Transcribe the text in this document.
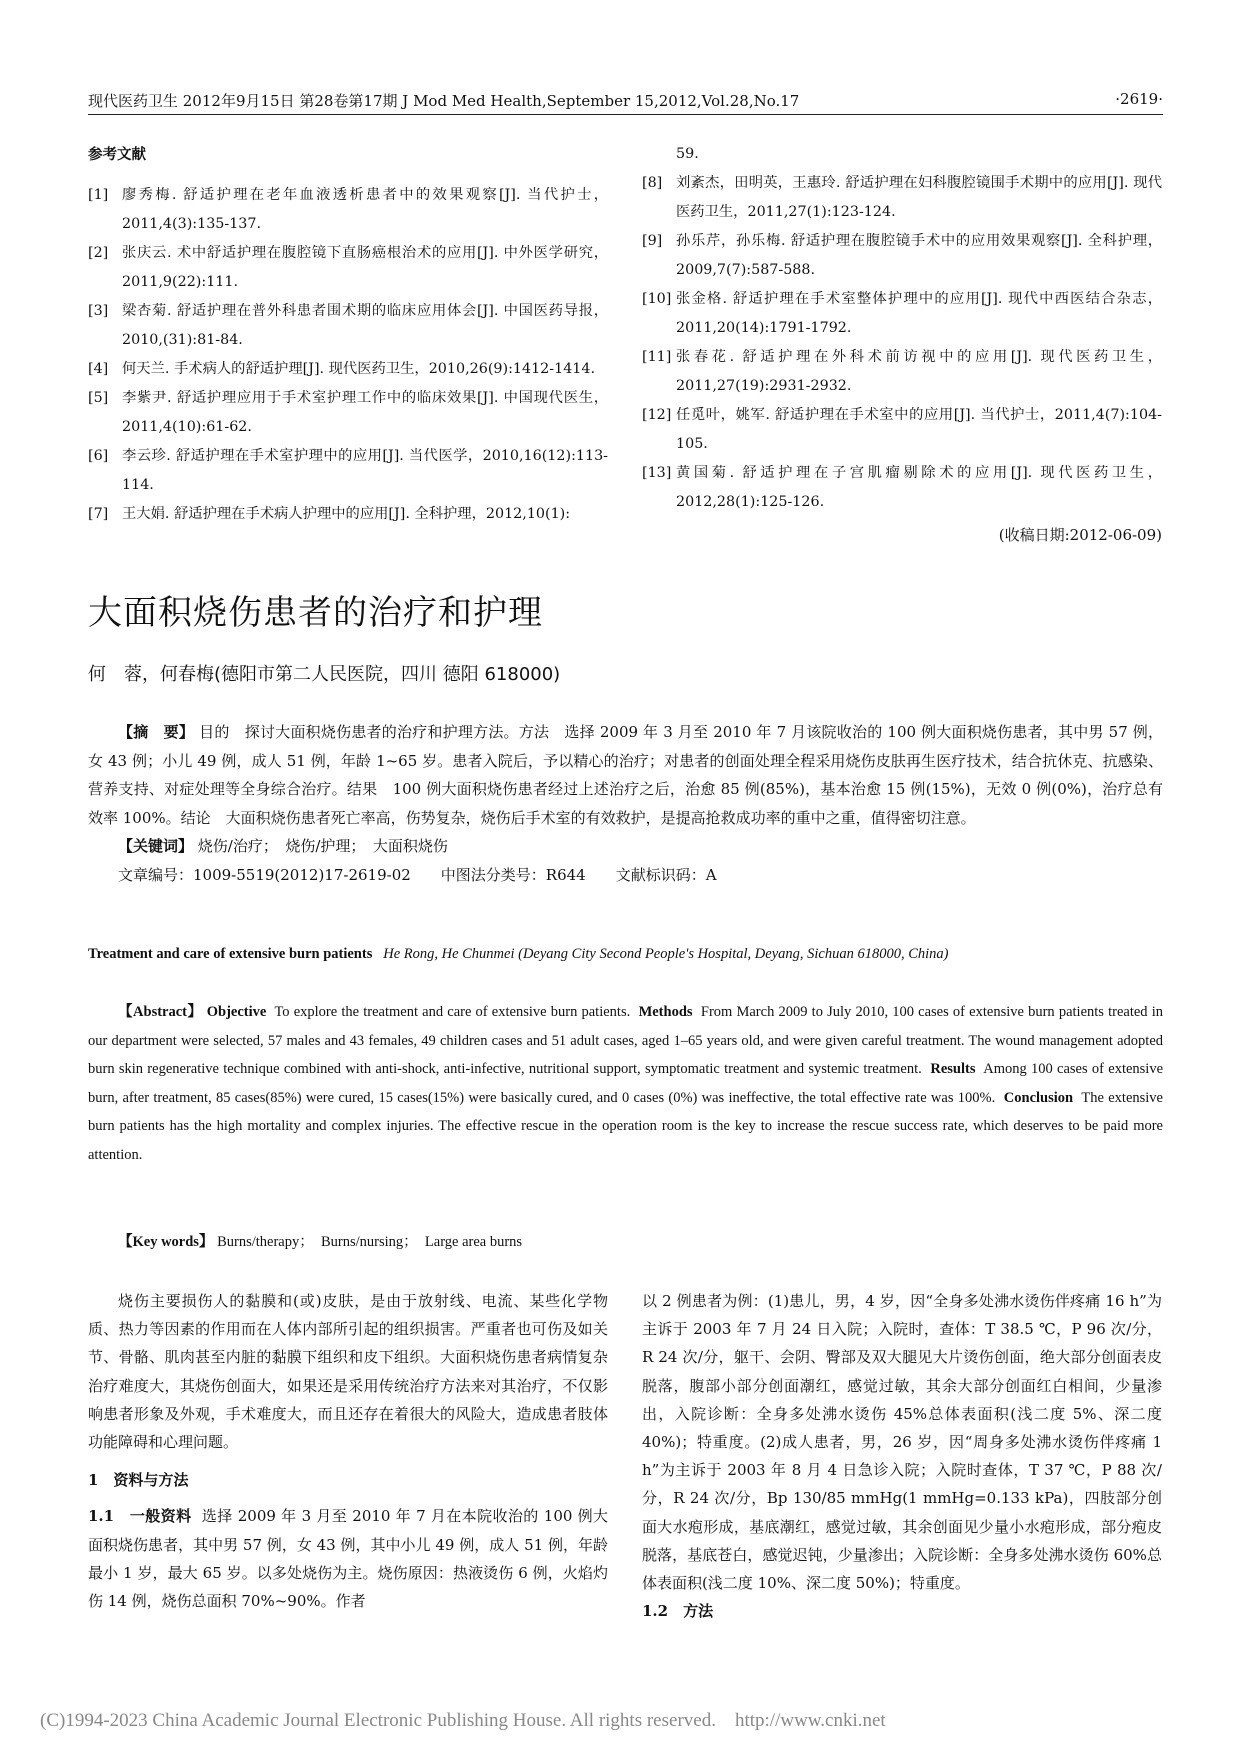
现代医药卫生 2012年9月15日 第28卷第17期 J Mod Med Health,September 15,2012,Vol.28,No.17	·2619·
参考文献
[1] 廖秀梅. 舒适护理在老年血液透析患者中的效果观察[J]. 当代护士，2011,4(3):135-137.
[2] 张庆云. 术中舒适护理在腹腔镜下直肠癌根治术的应用[J]. 中外医学研究，2011,9(22):111.
[3] 梁杏菊. 舒适护理在普外科患者围术期的临床应用体会[J]. 中国医药导报，2010,(31):81-84.
[4] 何天兰. 手术病人的舒适护理[J]. 现代医药卫生，2010,26(9):1412-1414.
[5] 李紫尹. 舒适护理应用于手术室护理工作中的临床效果[J]. 中国现代医生，2011,4(10):61-62.
[6] 李云珍. 舒适护理在手术室护理中的应用[J]. 当代医学，2010,16(12):113-114.
[7] 王大娟. 舒适护理在手术病人护理中的应用[J]. 全科护理，2012,10(1):
59.
[8] 刘紊杰，田明英，王惠玲. 舒适护理在妇科腹腔镜围手术期中的应用[J]. 现代医药卫生，2011,27(1):123-124.
[9] 孙乐芹，孙乐梅. 舒适护理在腹腔镜手术中的应用效果观察[J]. 全科护理，2009,7(7):587-588.
[10] 张金格. 舒适护理在手术室整体护理中的应用[J]. 现代中西医结合杂志，2011,20(14):1791-1792.
[11] 张春花. 舒适护理在外科术前访视中的应用[J]. 现代医药卫生，2011,27(19):2931-2932.
[12] 任觅叶，姚军. 舒适护理在手术室中的应用[J]. 当代护士，2011,4(7):104-105.
[13] 黄国菊. 舒适护理在子宫肌瘤剔除术的应用[J]. 现代医药卫生，2012,28(1):125-126.
(收稿日期:2012-06-09)
大面积烧伤患者的治疗和护理
何　蓉，何春梅(德阳市第二人民医院，四川 德阳 618000)
【摘　要】 目的　探讨大面积烧伤患者的治疗和护理方法。方法　选择 2009 年 3 月至 2010 年 7 月该院收治的 100 例大面积烧伤患者，其中男 57 例，女 43 例；小儿 49 例，成人 51 例，年龄 1~65 岁。患者入院后，予以精心的治疗；对患者的创面处理全程采用烧伤皮肤再生医疗技术，结合抗休克、抗感染、营养支持、对症处理等全身综合治疗。结果　100 例大面积烧伤患者经过上述治疗之后，治愈 85 例(85%)，基本治愈 15 例(15%)，无效 0 例(0%)，治疗总有效率 100%。结论　大面积烧伤患者死亡率高，伤势复杂，烧伤后手术室的有效救护，是提高抢救成功率的重中之重，值得密切注意。
【关键词】 烧伤/治疗；　烧伤/护理；　大面积烧伤
文章编号：1009-5519(2012)17-2619-02　　中图法分类号：R644　　文献标识码：A
Treatment and care of extensive burn patients He Rong, He Chunmei (Deyang City Second People's Hospital, Deyang, Sichuan 618000, China)
【Abstract】 Objective To explore the treatment and care of extensive burn patients. Methods From March 2009 to July 2010, 100 cases of extensive burn patients treated in our department were selected, 57 males and 43 females, 49 children cases and 51 adult cases, aged 1–65 years old, and were given careful treatment. The wound management adopted burn skin regenerative technique combined with anti-shock, anti-infective, nutritional support, symptomatic treatment and systemic treatment. Results Among 100 cases of extensive burn, after treatment, 85 cases(85%) were cured, 15 cases(15%) were basically cured, and 0 cases (0%) was ineffective, the total effective rate was 100%. Conclusion The extensive burn patients has the high mortality and complex injuries. The effective rescue in the operation room is the key to increase the rescue success rate, which deserves to be paid more attention.
【Key words】 Burns/therapy；　Burns/nursing；　Large area burns
烧伤主要损伤人的黏膜和(或)皮肤，是由于放射线、电流、某些化学物质、热力等因素的作用而在人体内部所引起的组织损害。严重者也可伤及如关节、骨骼、肌肉甚至内脏的黏膜下组织和皮下组织。大面积烧伤患者病情复杂治疗难度大，其烧伤创面大，如果还是采用传统治疗方法来对其治疗，不仅影响患者形象及外观，手术难度大，而且还存在着很大的风险大，造成患者肢体功能障碍和心理问题。
1　资料与方法
1.1　一般资料 选择 2009 年 3 月至 2010 年 7 月在本院收治的 100 例大面积烧伤患者，其中男 57 例，女 43 例，其中小儿 49 例，成人 51 例，年龄最小 1 岁，最大 65 岁。以多处烧伤为主。烧伤原因：热液烫伤 6 例，火焰灼伤 14 例，烧伤总面积 70%~90%。作者
以 2 例患者为例：(1)患儿，男，4 岁，因“全身多处沸水烫伤伴疼痛 16 h”为主诉于 2003 年 7 月 24 日入院；入院时，查体：T 38.5 ℃，P 96 次/分，R 24 次/分，躯干、会阴、臀部及双大腿见大片烫伤创面，绝大部分创面表皮脱落，腹部小部分创面潮红，感觉过敏，其余大部分创面红白相间，少量渗出，入院诊断：全身多处沸水烫伤 45%总体表面积(浅二度 5%、深二度 40%)；特重度。(2)成人患者，男，26 岁，因“周身多处沸水烫伤伴疼痛 1 h”为主诉于 2003 年 8 月 4 日急诊入院；入院时查体，T 37 ℃，P 88 次/分，R 24 次/分，Bp 130/85 mmHg(1 mmHg=0.133 kPa)，四肢部分创面大水疱形成，基底潮红，感觉过敏，其余创面见少量小水疱形成，部分疱皮脱落，基底苍白，感觉迟钝，少量渗出；入院诊断：全身多处沸水烫伤 60%总体表面积(浅二度 10%、深二度 50%)；特重度。
1.2　方法
(C)1994-2023 China Academic Journal Electronic Publishing House. All rights reserved.　http://www.cnki.net
